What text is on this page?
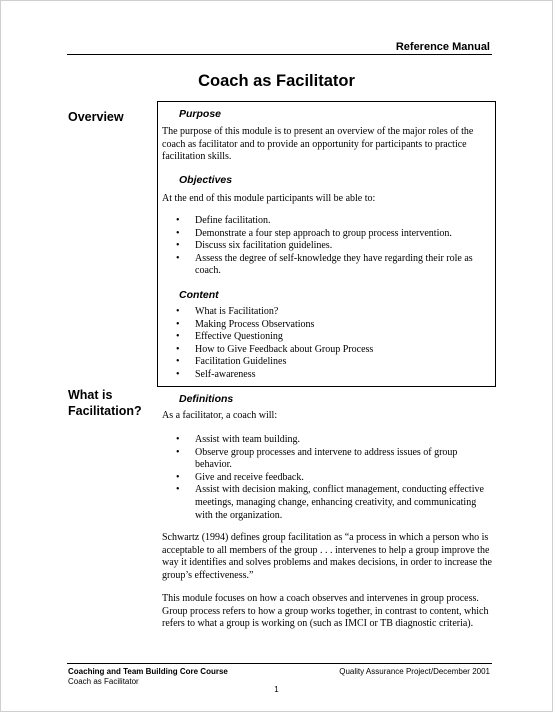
Reference Manual
Coach as Facilitator
Overview	Purpose

The purpose of this module is to present an overview of the major roles of the coach as facilitator and to provide an opportunity for participants to practice facilitation skills.

Objectives

At the end of this module participants will be able to:

• Define facilitation.
• Demonstrate a four step approach to group process intervention.
• Discuss six facilitation guidelines.
• Assess the degree of self-knowledge they have regarding their role as coach.
Content
• What is Facilitation?
• Making Process Observations
• Effective Questioning
• How to Give Feedback about Group Process
• Facilitation Guidelines
• Self-awareness
What is
Facilitation?
Definitions

As a facilitator, a coach will:

• Assist with team building.
• Observe group processes and intervene to address issues of group behavior.
• Give and receive feedback.
• Assist with decision making, conflict management, conducting effective meetings, managing change, enhancing creativity, and communicating with the organization.

Schwartz (1994) defines group facilitation as “a process in which a person who is acceptable to all members of the group . . . intervenes to help a group improve the way it identifies and solves problems and makes decisions, in order to increase the group’s effectiveness.”

This module focuses on how a coach observes and intervenes in group process. Group process refers to how a group works together, in contrast to content, which refers to what a group is working on (such as IMCI or TB diagnostic criteria).

Coaching and Team Building Core Course
Coach as Facilitator
Quality Assurance Project/December 2001
1
